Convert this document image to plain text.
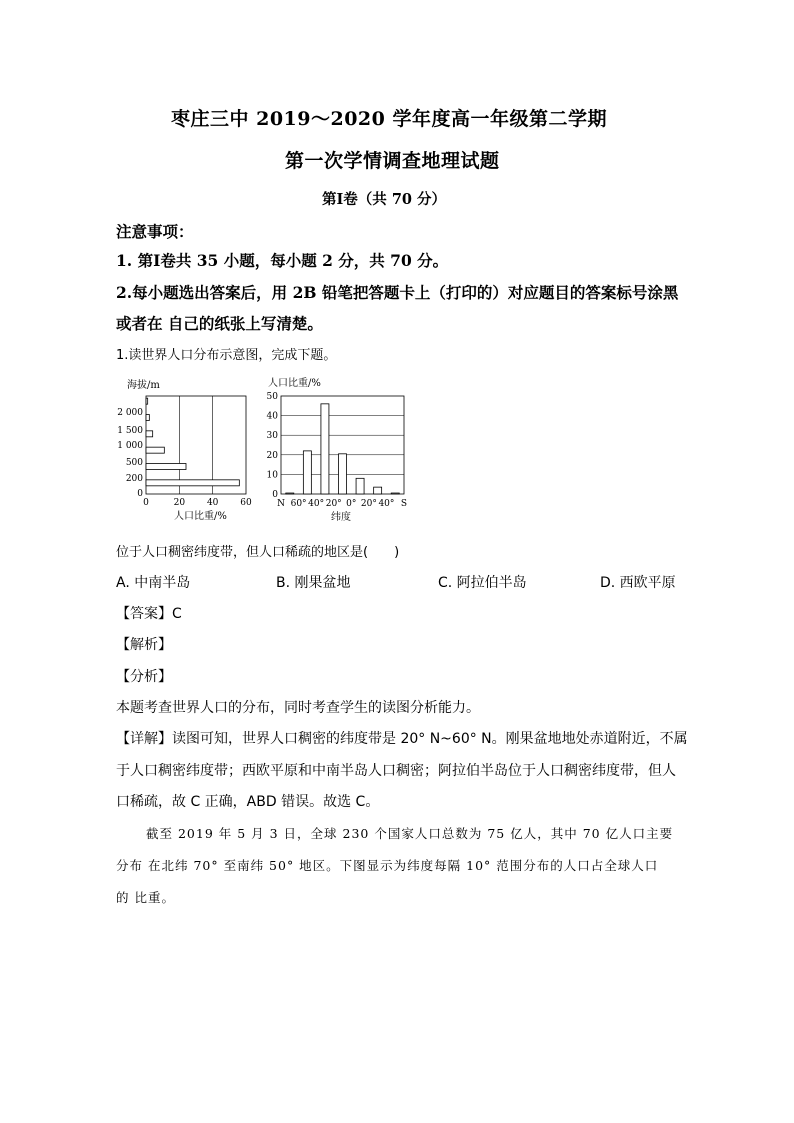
枣庄三中 2019～2020 学年度高一年级第二学期
第一次学情调查地理试题
第Ⅰ卷（共 70 分）
注意事项：
1. 第Ⅰ卷共 35 小题，每小题 2 分，共 70 分。
2.每小题选出答案后，用 2B 铅笔把答题卡上（打印的）对应题目的答案标号涂黑
或者在 自己的纸张上写清楚。
1.读世界人口分布示意图，完成下题。
海拔/m
2 000
1 500
1 000
500
200
0
0	20 40 60
人口比重/%
人口比重/%
0
10
20
30
40
50
N 60° 40° 20° 0° 20° 40° S
纬度
位于人口稠密纬度带，但人口稀疏的地区是(　　)
A. 中南半岛	B. 刚果盆地	C. 阿拉伯半岛	D. 西欧平原
【答案】C
【解析】
【分析】
本题考查世界人口的分布，同时考查学生的读图分析能力。
【详解】读图可知，世界人口稠密的纬度带是 20° N~60° N。刚果盆地地处赤道附近，不属
于人口稠密纬度带；西欧平原和中南半岛人口稠密；阿拉伯半岛位于人口稠密纬度带，但人
口稀疏，故 C 正确，ABD 错误。故选 C。
截至 2019 年 5 月 3 日，全球 230 个国家人口总数为 75 亿人，其中 70 亿人口主要
分布 在北纬 70° 至南纬 50° 地区。下图显示为纬度每隔 10° 范围分布的人口占全球人口
的 比重。
